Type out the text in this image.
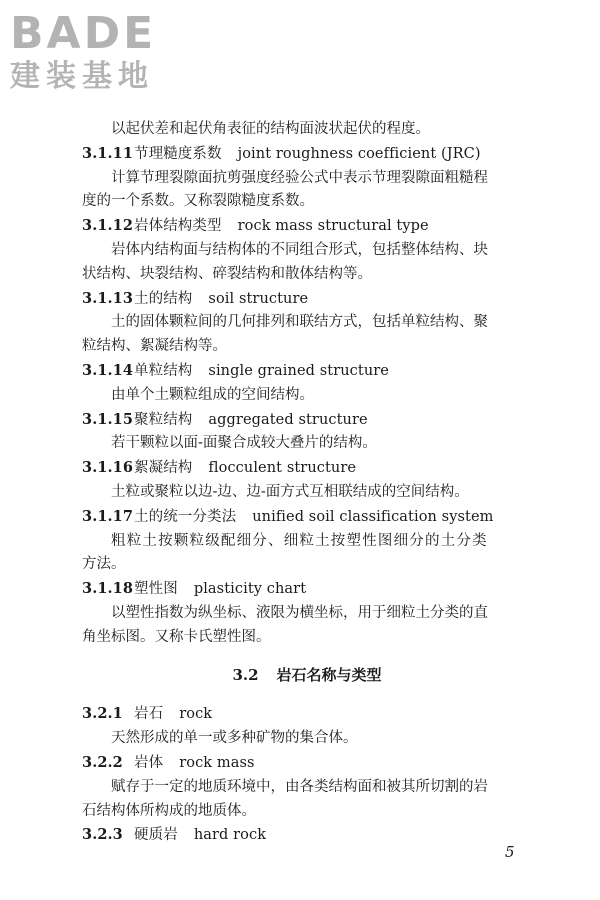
BADE
建装基地
以起伏差和起伏角表征的结构面波状起伏的程度。
3.1.11节理糙度系数 joint roughness coefficient (JRC)
计算节理裂隙面抗剪强度经验公式中表示节理裂隙面粗糙程
度的一个系数。又称裂隙糙度系数。
3.1.12岩体结构类型 rock mass structural type
岩体内结构面与结构体的不同组合形式，包括整体结构、块
状结构、块裂结构、碎裂结构和散体结构等。
3.1.13土的结构 soil structure
土的固体颗粒间的几何排列和联结方式，包括单粒结构、聚
粒结构、絮凝结构等。
3.1.14单粒结构 single grained structure
由单个土颗粒组成的空间结构。
3.1.15聚粒结构 aggregated structure
若干颗粒以面-面聚合成较大叠片的结构。
3.1.16絮凝结构 flocculent structure
土粒或聚粒以边-边、边-面方式互相联结成的空间结构。
3.1.17土的统一分类法 unified soil classification system
粗粒土按颗粒级配细分、细粒土按塑性图细分的土分类
方法。
3.1.18塑性图 plasticity chart
以塑性指数为纵坐标、液限为横坐标，用于细粒土分类的直
角坐标图。又称卡氏塑性图。
3.2 岩石名称与类型
3.2.1 岩石 rock
天然形成的单一或多种矿物的集合体。
3.2.2 岩体 rock mass
赋存于一定的地质环境中，由各类结构面和被其所切割的岩
石结构体所构成的地质体。
3.2.3 硬质岩 hard rock
5
